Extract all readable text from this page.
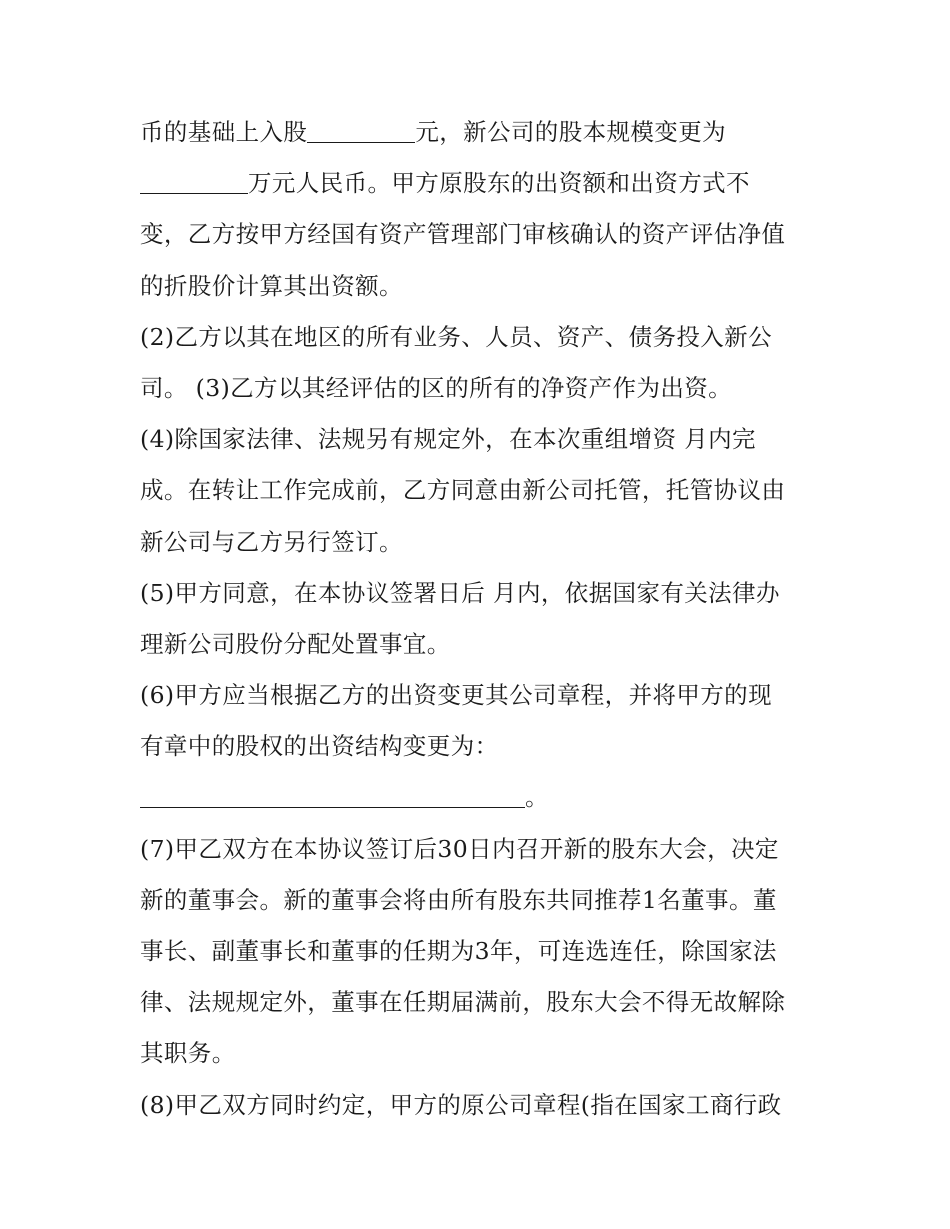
币的基础上入股	元，新公司的股本规模变更为
万元人民币。甲方原股东的出资额和出资方式不
变，乙方按甲方经国有资产管理部门审核确认的资产评估净值
的折股价计算其出资额。
(2)乙方以其在地区的所有业务、人员、资产、债务投入新公
司。 (3)乙方以其经评估的区的所有的净资产作为出资。
(4)除国家法律、法规另有规定外，在本次重组增资 月内完
成。在转让工作完成前，乙方同意由新公司托管，托管协议由
新公司与乙方另行签订。
(5)甲方同意，在本协议签署日后 月内，依据国家有关法律办
理新公司股份分配处置事宜。
(6)甲方应当根据乙方的出资变更其公司章程，并将甲方的现
有章中的股权的出资结构变更为：
。
(7)甲乙双方在本协议签订后30日内召开新的股东大会，决定
新的董事会。新的董事会将由所有股东共同推荐1名董事。董
事长、副董事长和董事的任期为3年，可连选连任，除国家法
律、法规规定外，董事在任期届满前，股东大会不得无故解除
其职务。
(8)甲乙双方同时约定，甲方的原公司章程(指在国家工商行政
